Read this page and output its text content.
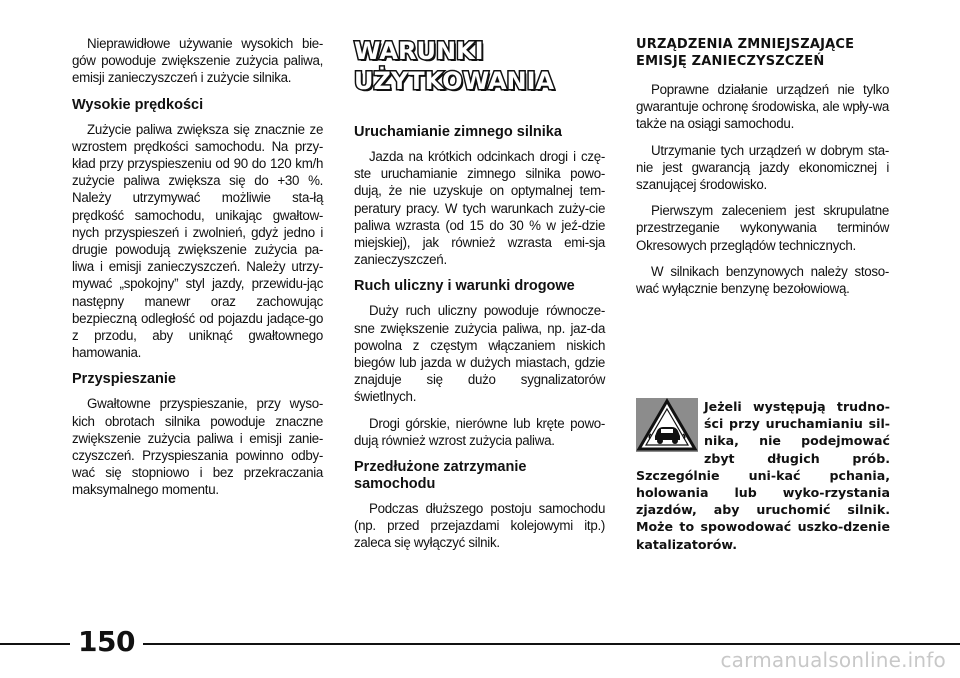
Nieprawidłowe używanie wysokich bie-gów powoduje zwiększenie zużycia paliwa, emisji zanieczyszczeń i zużycie silnika.

Wysokie prędkości

Zużycie paliwa zwiększa się znacznie ze wzrostem prędkości samochodu. Na przy-kład przy przyspieszeniu od 90 do 120 km/h zużycie paliwa zwiększa się do +30 %. Należy utrzymywać możliwie sta-łą prędkość samochodu, unikając gwałtow-nych przyspieszeń i zwolnień, gdyż jedno i drugie powodują zwiększenie zużycia pa-liwa i emisji zanieczyszczeń. Należy utrzy-mywać „spokojny” styl jazdy, przewidu-jąc następny manewr oraz zachowując bezpieczną odległość od pojazdu jadące-go z przodu, aby uniknąć gwałtownego hamowania.

Przyspieszanie

Gwałtowne przyspieszanie, przy wyso-kich obrotach silnika powoduje znaczne zwiększenie zużycia paliwa i emisji zanie-czyszczeń. Przyspieszania powinno odby-wać się stopniowo i bez przekraczania maksymalnego momentu.

WARUNKI
UŻYTKOWANIA
Uruchamianie zimnego silnika

Jazda na krótkich odcinkach drogi i czę-ste uruchamianie zimnego silnika powo-dują, że nie uzyskuje on optymalnej tem-peratury pracy. W tych warunkach zuży-cie paliwa wzrasta (od 15 do 30 % w jeź-dzie miejskiej), jak również wzrasta emi-sja zanieczyszczeń.

Ruch uliczny i warunki drogowe

Duży ruch uliczny powoduje równocze-sne zwiększenie zużycia paliwa, np. jaz-da powolna z częstym włączaniem niskich biegów lub jazda w dużych miastach, gdzie znajduje się dużo sygnalizatorów świetlnych.

Drogi górskie, nierówne lub kręte powo-dują również wzrost zużycia paliwa.

Przedłużone zatrzymanie
samochodu

Podczas dłuższego postoju samochodu (np. przed przejazdami kolejowymi itp.) zaleca się wyłączyć silnik.

URZĄDZENIA ZMNIEJSZAJĄCE
EMISJĘ ZANIECZYSZCZEŃ

Poprawne działanie urządzeń nie tylko gwarantuje ochronę środowiska, ale wpły-wa także na osiągi samochodu.

Utrzymanie tych urządzeń w dobrym sta-nie jest gwarancją jazdy ekonomicznej i szanującej środowisko.

Pierwszym zaleceniem jest skrupulatne przestrzeganie wykonywania terminów Okresowych przeglądów technicznych.

W silnikach benzynowych należy stoso-wać wyłącznie benzynę bezołowiową.

Jeżeli występują trudno-ści przy uruchamianiu sil-nika, nie podejmować zbyt długich prób. Szczególnie uni-kać pchania, holowania lub wyko-rzystania zjazdów, aby uruchomić silnik. Może to spowodować uszko-dzenie katalizatorów.
150
carmanualsonline.info
